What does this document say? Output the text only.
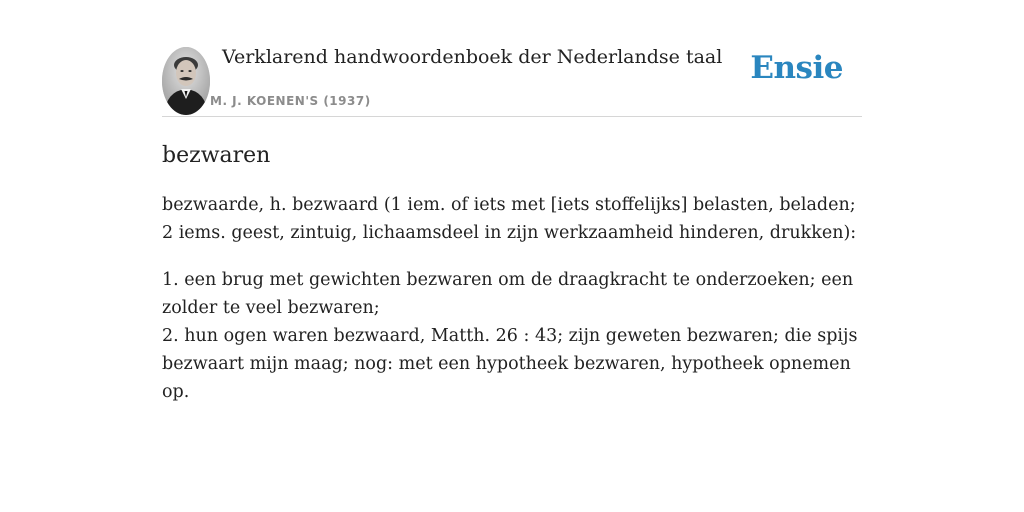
Verklarend handwoordenboek der Nederlandse taal
M. J. KOENEN'S (1937)
Ensie
bezwaren

bezwaarde, h. bezwaard (1 iem. of iets met [iets stoffelijks] belasten, beladen; 2 iems. geest, zintuig, lichaamsdeel in zijn werkzaamheid hinderen, drukken):

1. een brug met gewichten bezwaren om de draagkracht te onderzoeken; een zolder te veel bezwaren;
2. hun ogen waren bezwaard, Matth. 26 : 43; zijn geweten bezwaren; die spijs bezwaart mijn maag; nog: met een hypotheek bezwaren, hypotheek opnemen op.
